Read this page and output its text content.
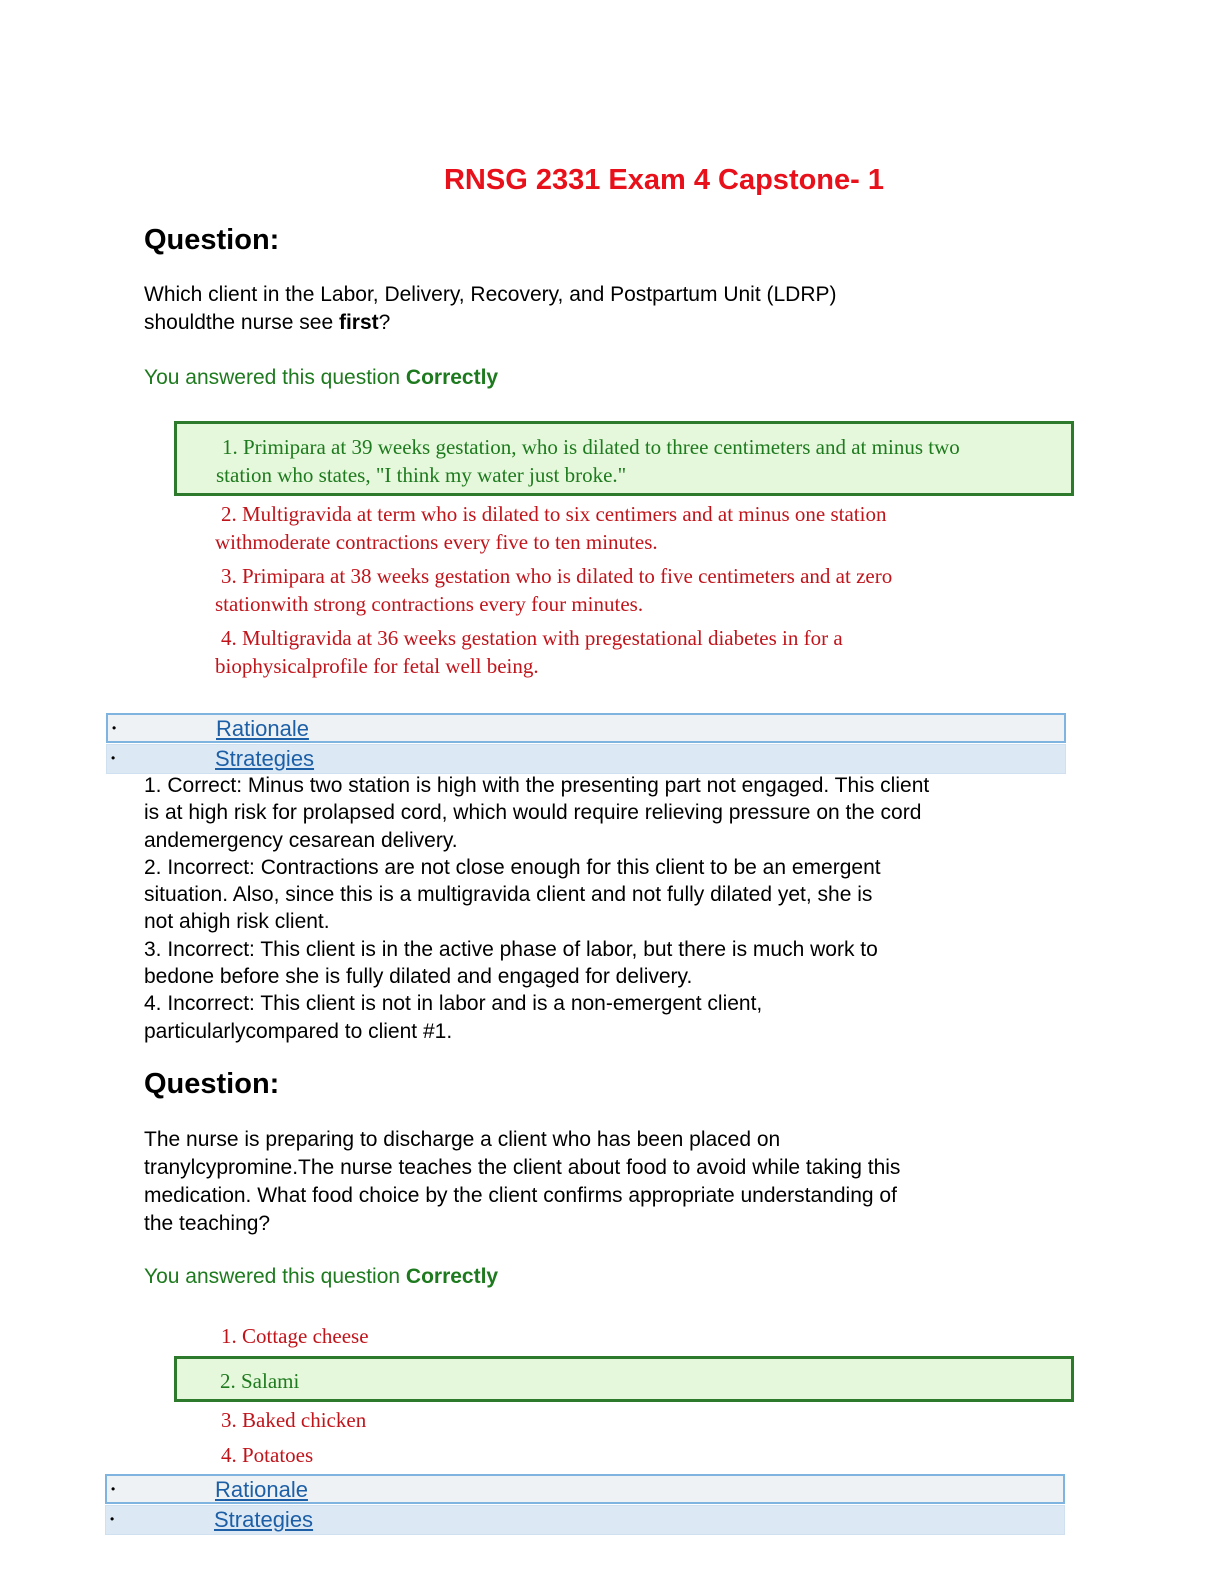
RNSG 2331 Exam 4 Capstone- 1
Question:
Which client in the Labor, Delivery, Recovery, and Postpartum Unit (LDRP)
shouldthe nurse see first?
You answered this question Correctly
1. Primipara at 39 weeks gestation, who is dilated to three centimeters and at minus two
station who states, "I think my water just broke."
2. Multigravida at term who is dilated to six centimers and at minus one station
withmoderate contractions every five to ten minutes.
3. Primipara at 38 weeks gestation who is dilated to five centimeters and at zero
stationwith strong contractions every four minutes.
4. Multigravida at 36 weeks gestation with pregestational diabetes in for a
biophysicalprofile for fetal well being.
•	Rationale
•	Strategies
1. Correct: Minus two station is high with the presenting part not engaged. This client
is at high risk for prolapsed cord, which would require relieving pressure on the cord
andemergency cesarean delivery.
2. Incorrect: Contractions are not close enough for this client to be an emergent
situation. Also, since this is a multigravida client and not fully dilated yet, she is
not ahigh risk client.
3. Incorrect: This client is in the active phase of labor, but there is much work to
bedone before she is fully dilated and engaged for delivery.
4. Incorrect: This client is not in labor and is a non-emergent client,
particularlycompared to client #1.
Question:
The nurse is preparing to discharge a client who has been placed on
tranylcypromine.The nurse teaches the client about food to avoid while taking this
medication. What food choice by the client confirms appropriate understanding of
the teaching?
You answered this question Correctly
1. Cottage cheese
2. Salami
3. Baked chicken
4. Potatoes
•	Rationale
•	Strategies
